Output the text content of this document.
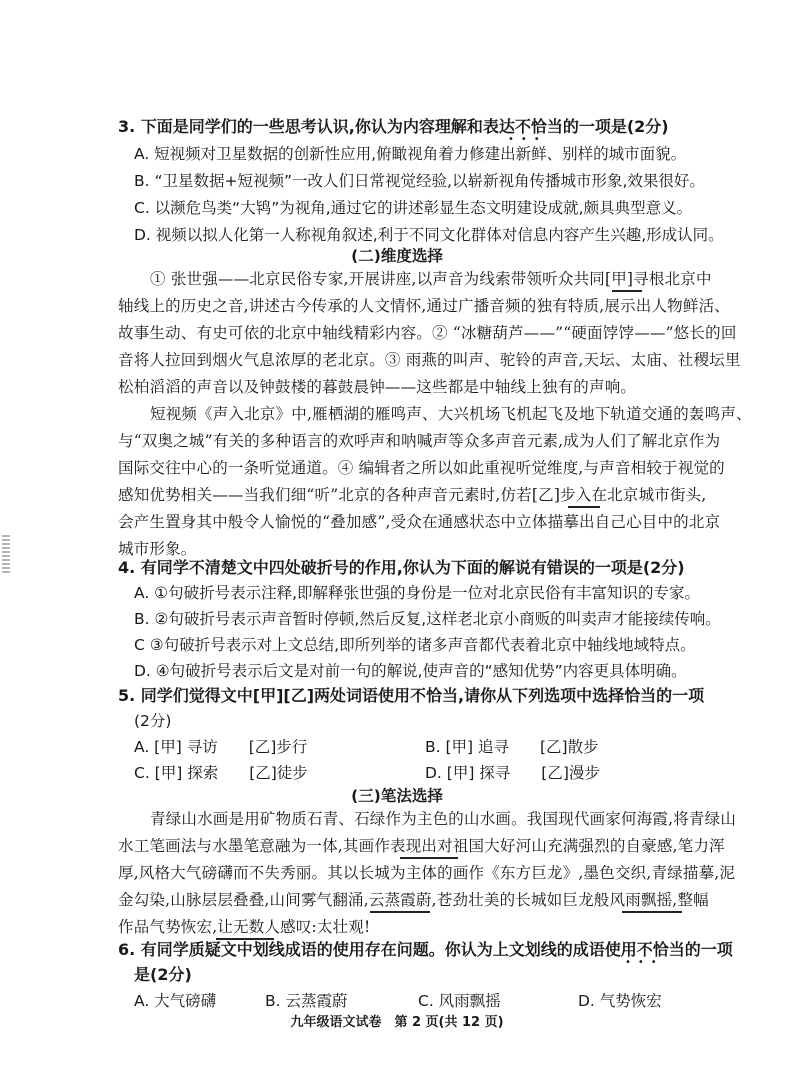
3. 下面是同学们的一些思考认识,你认为内容理解和表达不恰当的一项是(2分)
•••
A. 短视频对卫星数据的创新性应用,俯瞰视角着力修建出新鲜、别样的城市面貌。
B. “卫星数据+短视频”一改人们日常视觉经验,以崭新视角传播城市形象,效果很好。
C. 以濒危鸟类“大鸨”为视角,通过它的讲述彰显生态文明建设成就,颇具典型意义。
D. 视频以拟人化第一人称视角叙述,利于不同文化群体对信息内容产生兴趣,形成认同。
(二)维度选择
① 张世强——北京民俗专家,开展讲座,以声音为线索带领听众共同[甲]寻根北京中
轴线上的历史之音,讲述古今传承的人文情怀,通过广播音频的独有特质,展示出人物鲜活、
故事生动、有史可依的北京中轴线精彩内容。② “冰糖葫芦——”“硬面饽饽——”悠长的回
音将人拉回到烟火气息浓厚的老北京。③ 雨燕的叫声、驼铃的声音,天坛、太庙、社稷坛里
松柏滔滔的声音以及钟鼓楼的暮鼓晨钟——这些都是中轴线上独有的声响。
短视频《声入北京》中,雁栖湖的雁鸣声、大兴机场飞机起飞及地下轨道交通的轰鸣声、
与“双奥之城”有关的多种语言的欢呼声和呐喊声等众多声音元素,成为人们了解北京作为
国际交往中心的一条听觉通道。④ 编辑者之所以如此重视听觉维度,与声音相较于视觉的
感知优势相关——当我们细“听”北京的各种声音元素时,仿若[乙]步入在北京城市街头,
会产生置身其中般令人愉悦的“叠加感”,受众在通感状态中立体描摹出自己心目中的北京
城市形象。
4. 有同学不清楚文中四处破折号的作用,你认为下面的解说有错误的一项是(2分)
A. ①句破折号表示注释,即解释张世强的身份是一位对北京民俗有丰富知识的专家。
B. ②句破折号表示声音暂时停顿,然后反复,这样老北京小商贩的叫卖声才能接续传响。
C ③句破折号表示对上文总结,即所列举的诸多声音都代表着北京中轴线地域特点。
D. ④句破折号表示后文是对前一句的解说,使声音的“感知优势”内容更具体明确。
5. 同学们觉得文中[甲][乙]两处词语使用不恰当,请你从下列选项中选择恰当的一项
(2分)
A. [甲] 寻访　　[乙]步行	B. [甲] 追寻　　[乙]散步
C. [甲] 探索　　[乙]徒步	D. [甲] 探寻　　[乙]漫步
(三)笔法选择
青绿山水画是用矿物质石青、石绿作为主色的山水画。我国现代画家何海霞,将青绿山
水工笔画法与水墨笔意融为一体,其画作表现出对祖国大好河山充满强烈的自豪感,笔力浑
厚,风格大气磅礴而不失秀丽。其以长城为主体的画作《东方巨龙》,墨色交织,青绿描摹,泥
金勾染,山脉层层叠叠,山间雾气翻涌,云蒸霞蔚,苍劲壮美的长城如巨龙般风雨飘摇,整幅
作品气势恢宏,让无数人感叹:太壮观!
6. 有同学质疑文中划线成语的使用存在问题。你认为上文划线的成语使用不恰当的一项
•••
是(2分)
A. 大气磅礴	B. 云蒸霞蔚	C. 风雨飘摇	D. 气势恢宏
九年级语文试卷　第 2 页(共 12 页)
